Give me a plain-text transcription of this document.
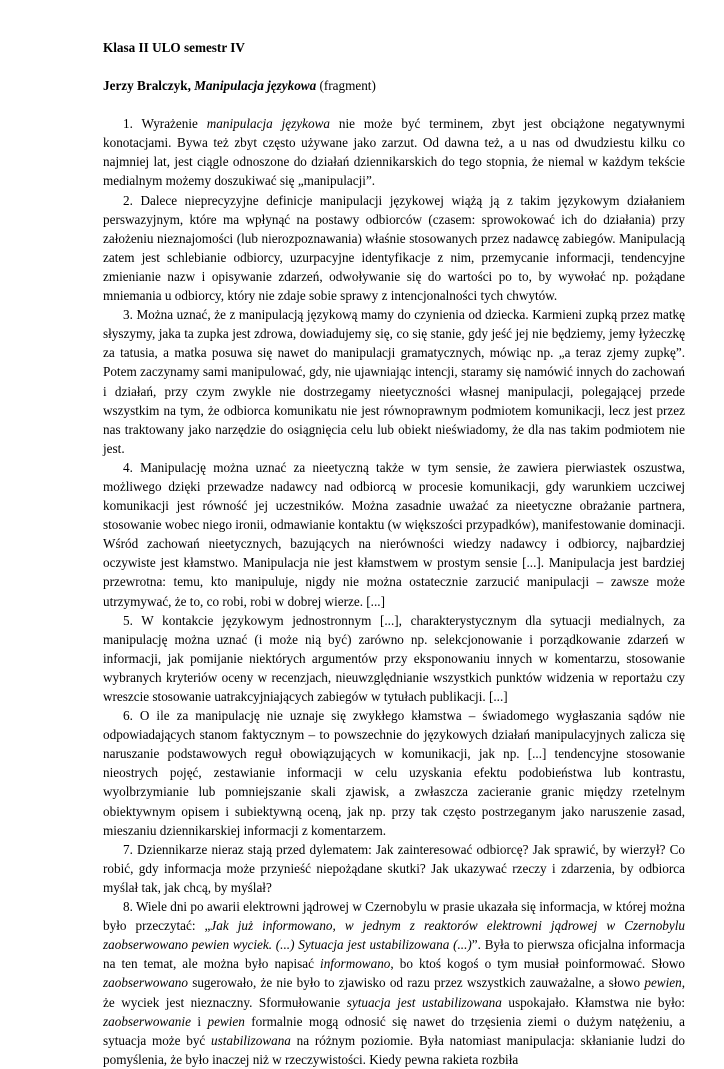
Klasa II ULO semestr IV

Jerzy Bralczyk, Manipulacja językowa (fragment)

1. Wyrażenie manipulacja językowa nie może być terminem, zbyt jest obciążone negatywnymi konotacjami. Bywa też zbyt często używane jako zarzut. Od dawna też, a u nas od dwudziestu kilku co najmniej lat, jest ciągle odnoszone do działań dziennikarskich do tego stopnia, że niemal w każdym tekście medialnym możemy doszukiwać się „manipulacji”.

2. Dalece nieprecyzyjne definicje manipulacji językowej wiążą ją z takim językowym działaniem perswazyjnym, które ma wpłynąć na postawy odbiorców (czasem: sprowokować ich do działania) przy założeniu nieznajomości (lub nierozpoznawania) właśnie stosowanych przez nadawcę zabiegów. Manipulacją zatem jest schlebianie odbiorcy, uzurpacyjne identyfikacje z nim, przemycanie informacji, tendencyjne zmienianie nazw i opisywanie zdarzeń, odwoływanie się do wartości po to, by wywołać np. pożądane mniemania u odbiorcy, który nie zdaje sobie sprawy z intencjonalności tych chwytów.

3. Można uznać, że z manipulacją językową mamy do czynienia od dziecka. Karmieni zupką przez matkę słyszymy, jaka ta zupka jest zdrowa, dowiadujemy się, co się stanie, gdy jeść jej nie będziemy, jemy łyżeczkę za tatusia, a matka posuwa się nawet do manipulacji gramatycznych, mówiąc np. „a teraz zjemy zupkę”. Potem zaczynamy sami manipulować, gdy, nie ujawniając intencji, staramy się namówić innych do zachowań i działań, przy czym zwykle nie dostrzegamy nieetyczności własnej manipulacji, polegającej przede wszystkim na tym, że odbiorca komunikatu nie jest równoprawnym podmiotem komunikacji, lecz jest przez nas traktowany jako narzędzie do osiągnięcia celu lub obiekt nieświadomy, że dla nas takim podmiotem nie jest.

4. Manipulację można uznać za nieetyczną także w tym sensie, że zawiera pierwiastek oszustwa, możliwego dzięki przewadze nadawcy nad odbiorcą w procesie komunikacji, gdy warunkiem uczciwej komunikacji jest równość jej uczestników. Można zasadnie uważać za nieetyczne obrażanie partnera, stosowanie wobec niego ironii, odmawianie kontaktu (w większości przypadków), manifestowanie dominacji. Wśród zachowań nieetycznych, bazujących na nierówności wiedzy nadawcy i odbiorcy, najbardziej oczywiste jest kłamstwo. Manipulacja nie jest kłamstwem w prostym sensie [...]. Manipulacja jest bardziej przewrotna: temu, kto manipuluje, nigdy nie można ostatecznie zarzucić manipulacji – zawsze może utrzymywać, że to, co robi, robi w dobrej wierze. [...]

5. W kontakcie językowym jednostronnym [...], charakterystycznym dla sytuacji medialnych, za manipulację można uznać (i może nią być) zarówno np. selekcjonowanie i porządkowanie zdarzeń w informacji, jak pomijanie niektórych argumentów przy eksponowaniu innych w komentarzu, stosowanie wybranych kryteriów oceny w recenzjach, nieuwzględnianie wszystkich punktów widzenia w reportażu czy wreszcie stosowanie uatrakcyjniających zabiegów w tytułach publikacji. [...]

6. O ile za manipulację nie uznaje się zwykłego kłamstwa – świadomego wygłaszania sądów nie odpowiadających stanom faktycznym – to powszechnie do językowych działań manipulacyjnych zalicza się naruszanie podstawowych reguł obowiązujących w komunikacji, jak np. [...] tendencyjne stosowanie nieostrych pojęć, zestawianie informacji w celu uzyskania efektu podobieństwa lub kontrastu, wyolbrzymianie lub pomniejszanie skali zjawisk, a zwłaszcza zacieranie granic między rzetelnym obiektywnym opisem i subiektywną oceną, jak np. przy tak często postrzeganym jako naruszenie zasad, mieszaniu dziennikarskiej informacji z komentarzem.

7. Dziennikarze nieraz stają przed dylematem: Jak zainteresować odbiorcę? Jak sprawić, by wierzył? Co robić, gdy informacja może przynieść niepożądane skutki? Jak ukazywać rzeczy i zdarzenia, by odbiorca myślał tak, jak chcą, by myślał?

8. Wiele dni po awarii elektrowni jądrowej w Czernobylu w prasie ukazała się informacja, w której można było przeczytać: „Jak już informowano, w jednym z reaktorów elektrowni jądrowej w Czernobylu zaobserwowano pewien wyciek. (...) Sytuacja jest ustabilizowana (...)”. Była to pierwsza oficjalna informacja na ten temat, ale można było napisać informowano, bo ktoś kogoś o tym musiał poinformować. Słowo zaobserwowano sugerowało, że nie było to zjawisko od razu przez wszystkich zauważalne, a słowo pewien, że wyciek jest nieznaczny. Sformułowanie sytuacja jest ustabilizowana uspokajało. Kłamstwa nie było: zaobserwowanie i pewien formalnie mogą odnosić się nawet do trzęsienia ziemi o dużym natężeniu, a sytuacja może być ustabilizowana na różnym poziomie. Była natomiast manipulacja: skłanianie ludzi do pomyślenia, że było inaczej niż w rzeczywistości. Kiedy pewna rakieta rozbiła
